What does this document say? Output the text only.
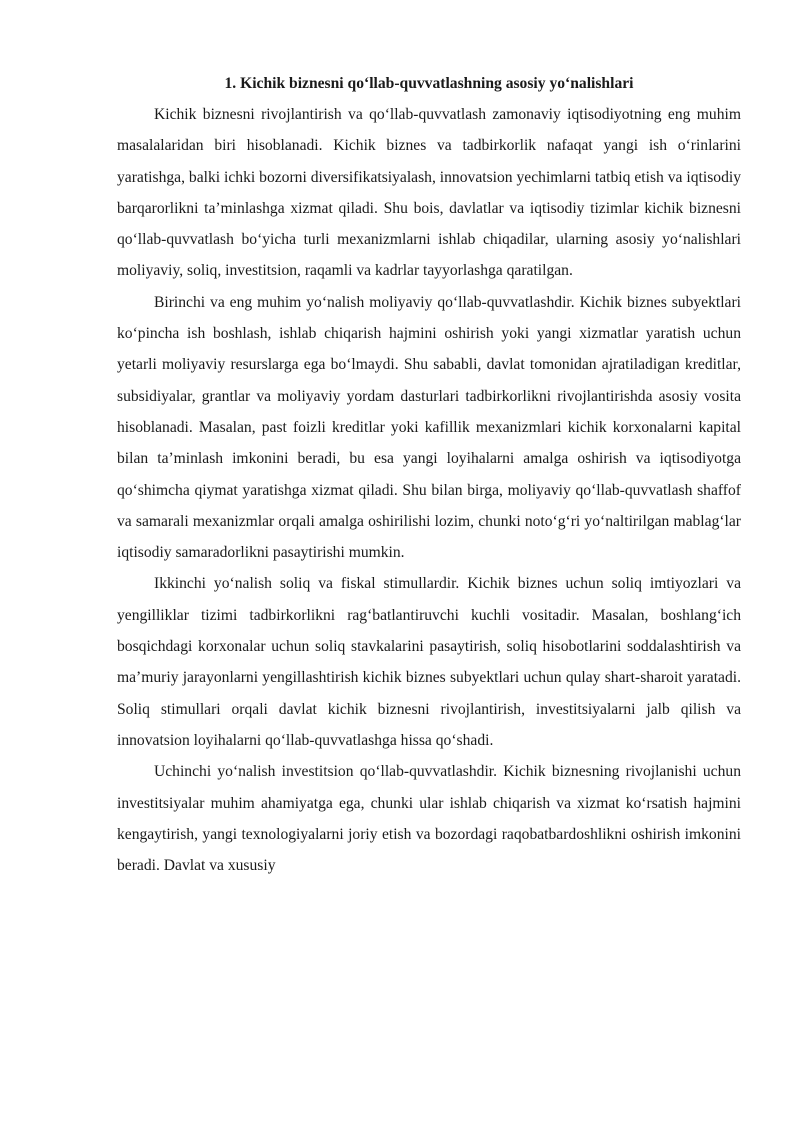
1. Kichik biznesni qo‘llab-quvvatlashning asosiy yo‘nalishlari

Kichik biznesni rivojlantirish va qo‘llab-quvvatlash zamonaviy iqtisodiyotning eng muhim masalalaridan biri hisoblanadi. Kichik biznes va tadbirkorlik nafaqat yangi ish o‘rinlarini yaratishga, balki ichki bozorni diversifikatsiyalash, innovatsion yechimlarni tatbiq etish va iqtisodiy barqarorlikni ta’minlashga xizmat qiladi. Shu bois, davlatlar va iqtisodiy tizimlar kichik biznesni qo‘llab-quvvatlash bo‘yicha turli mexanizmlarni ishlab chiqadilar, ularning asosiy yo‘nalishlari moliyaviy, soliq, investitsion, raqamli va kadrlar tayyorlashga qaratilgan.

Birinchi va eng muhim yo‘nalish moliyaviy qo‘llab-quvvatlashdir. Kichik biznes subyektlari ko‘pincha ish boshlash, ishlab chiqarish hajmini oshirish yoki yangi xizmatlar yaratish uchun yetarli moliyaviy resurslarga ega bo‘lmaydi. Shu sababli, davlat tomonidan ajratiladigan kreditlar, subsidiyalar, grantlar va moliyaviy yordam dasturlari tadbirkorlikni rivojlantirishda asosiy vosita hisoblanadi. Masalan, past foizli kreditlar yoki kafillik mexanizmlari kichik korxonalarni kapital bilan ta’minlash imkonini beradi, bu esa yangi loyihalarni amalga oshirish va iqtisodiyotga qo‘shimcha qiymat yaratishga xizmat qiladi. Shu bilan birga, moliyaviy qo‘llab-quvvatlash shaffof va samarali mexanizmlar orqali amalga oshirilishi lozim, chunki noto‘g‘ri yo‘naltirilgan mablag‘lar iqtisodiy samaradorlikni pasaytirishi mumkin.

Ikkinchi yo‘nalish soliq va fiskal stimullardir. Kichik biznes uchun soliq imtiyozlari va yengilliklar tizimi tadbirkorlikni rag‘batlantiruvchi kuchli vositadir. Masalan, boshlang‘ich bosqichdagi korxonalar uchun soliq stavkalarini pasaytirish, soliq hisobotlarini soddalashtirish va ma’muriy jarayonlarni yengillashtirish kichik biznes subyektlari uchun qulay shart-sharoit yaratadi. Soliq stimullari orqali davlat kichik biznesni rivojlantirish, investitsiyalarni jalb qilish va innovatsion loyihalarni qo‘llab-quvvatlashga hissa qo‘shadi.

Uchinchi yo‘nalish investitsion qo‘llab-quvvatlashdir. Kichik biznesning rivojlanishi uchun investitsiyalar muhim ahamiyatga ega, chunki ular ishlab chiqarish va xizmat ko‘rsatish hajmini kengaytirish, yangi texnologiyalarni joriy etish va bozordagi raqobatbardoshlikni oshirish imkonini beradi. Davlat va xususiy
